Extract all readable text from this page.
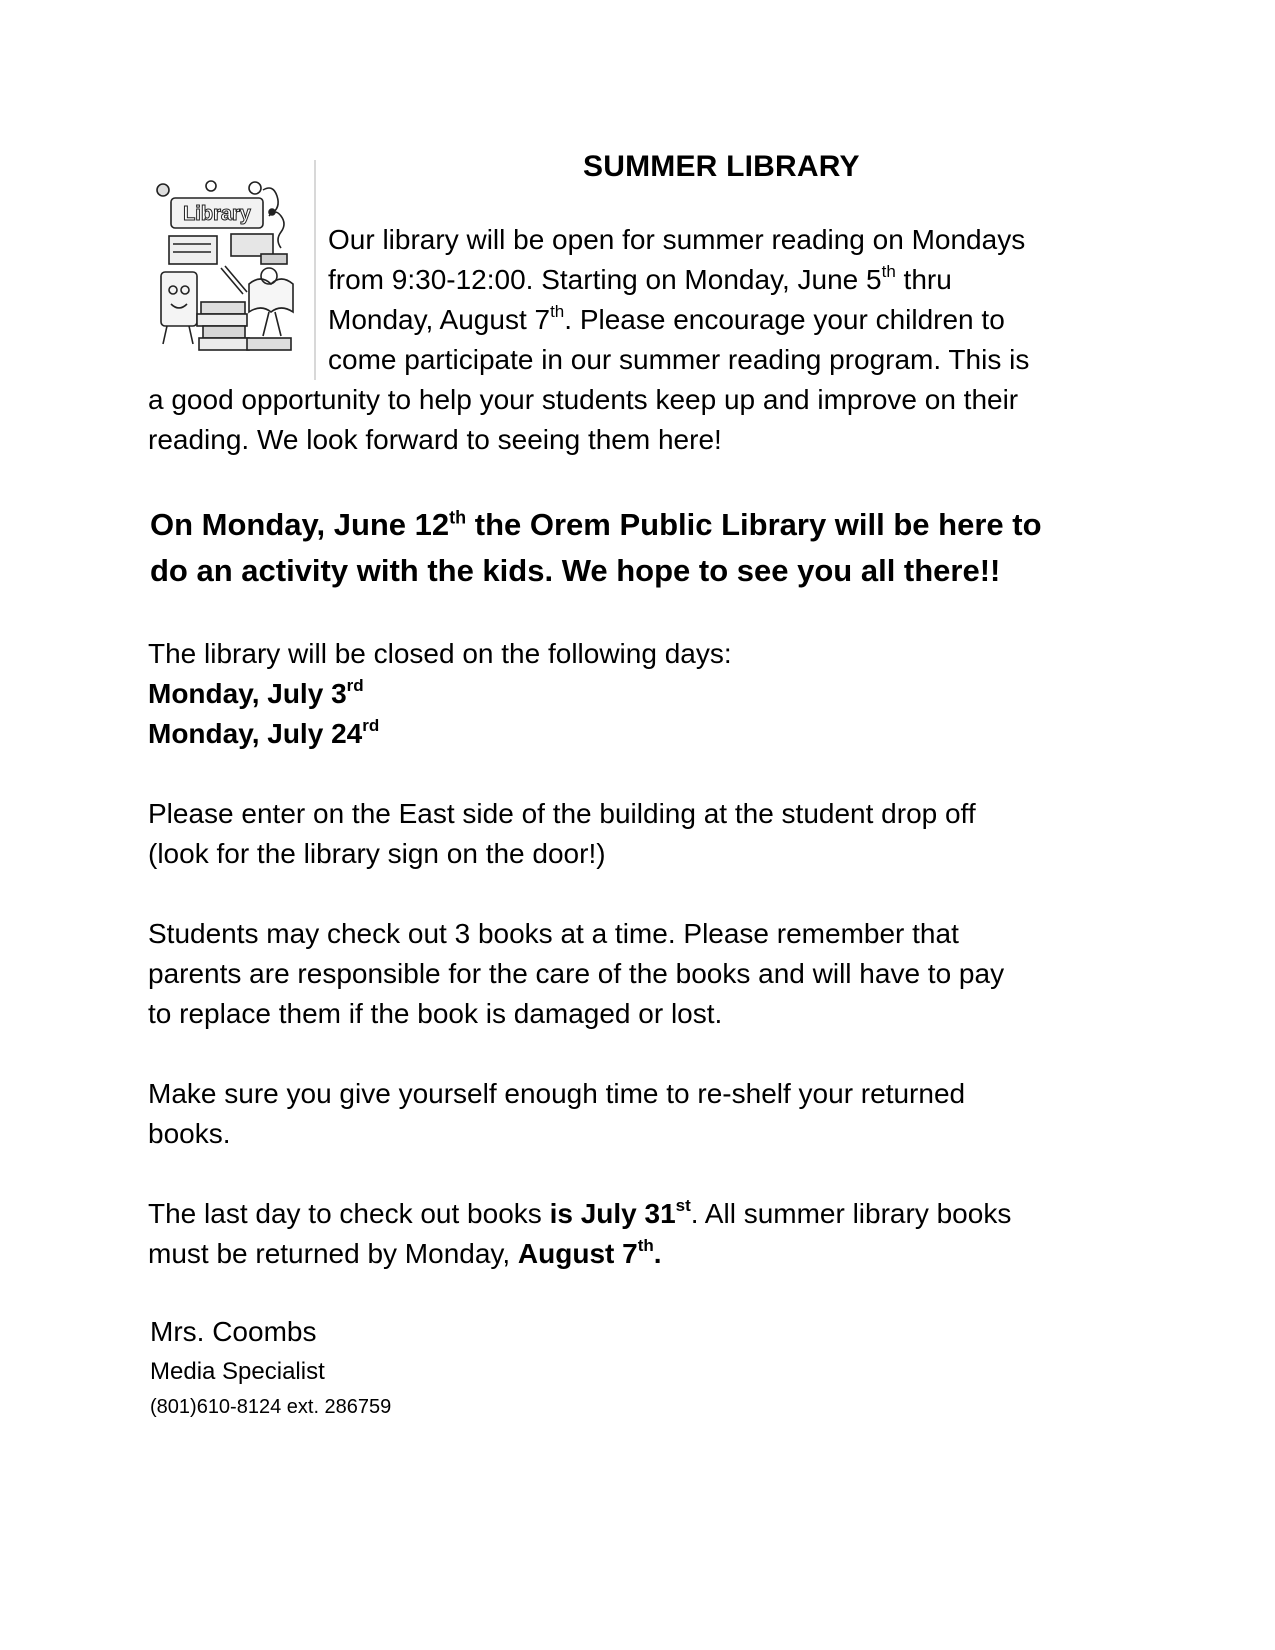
SUMMER LIBRARY
Library
Our library will be open for summer reading on Mondays
from 9:30-12:00. Starting on Monday, June 5th thru
Monday, August 7th. Please encourage your children to
come participate in our summer reading program. This is
a good opportunity to help your students keep up and improve on their
reading. We look forward to seeing them here!
On Monday, June 12th the Orem Public Library will be here to
do an activity with the kids. We hope to see you all there!!
The library will be closed on the following days:
Monday, July 3rd
Monday, July 24rd
Please enter on the East side of the building at the student drop off
(look for the library sign on the door!)
Students may check out 3 books at a time. Please remember that
parents are responsible for the care of the books and will have to pay
to replace them if the book is damaged or lost.
Make sure you give yourself enough time to re-shelf your returned
books.
The last day to check out books is July 31st. All summer library books
must be returned by Monday, August 7th.
Mrs. Coombs
Media Specialist
(801)610-8124 ext. 286759
